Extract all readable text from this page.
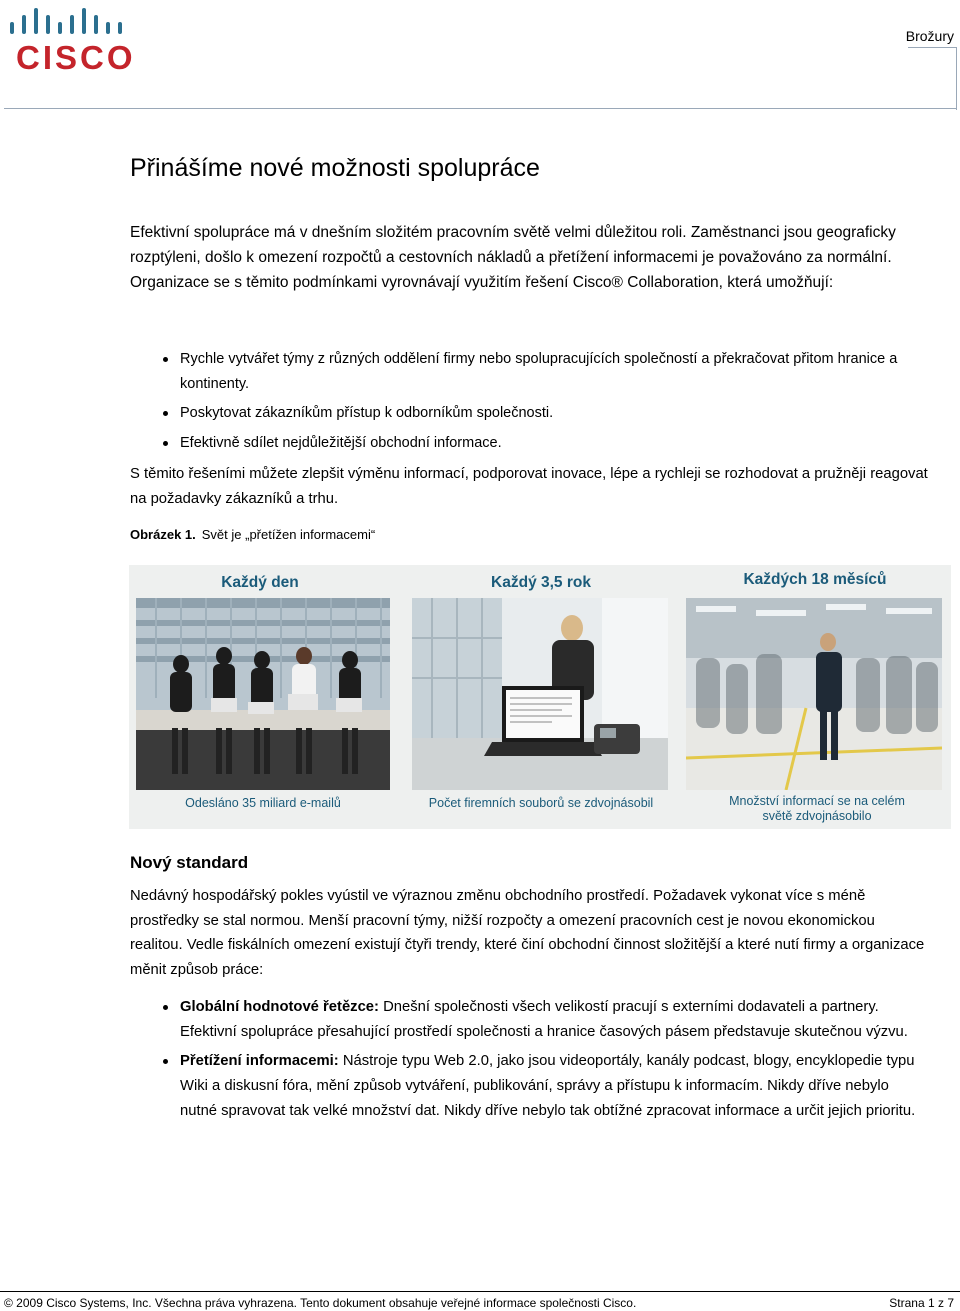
CISCO
Brožury
Přinášíme nové možnosti spolupráce

Efektivní spolupráce má v dnešním složitém pracovním světě velmi důležitou roli. Zaměstnanci jsou geograficky rozptýleni, došlo k omezení rozpočtů a cestovních nákladů a přetížení informacemi je považováno za normální. Organizace se s těmito podmínkami vyrovnávají využitím řešení Cisco® Collaboration, která umožňují:

Rychle vytvářet týmy z různých oddělení firmy nebo spolupracujících společností a překračovat přitom hranice a kontinenty.
Poskytovat zákazníkům přístup k odborníkům společnosti.
Efektivně sdílet nejdůležitější obchodní informace.

S těmito řešeními můžete zlepšit výměnu informací, podporovat inovace, lépe a rychleji se rozhodovat a pružněji reagovat na požadavky zákazníků a trhu.

Obrázek 1. Svět je „přetížen informacemi“
Každý den	Každý 3,5 rok	Každých 18 měsíců
Odesláno 35 miliard e-mailů	Počet firemních souborů se zdvojnásobil	Množství informací se na celém světě zdvojnásobilo
Nový standard

Nedávný hospodářský pokles vyústil ve výraznou změnu obchodního prostředí. Požadavek vykonat více s méně prostředky se stal normou. Menší pracovní týmy, nižší rozpočty a omezení pracovních cest je novou ekonomickou realitou. Vedle fiskálních omezení existují čtyři trendy, které činí obchodní činnost složitější a které nutí firmy a organizace měnit způsob práce:

Globální hodnotové řetězce: Dnešní společnosti všech velikostí pracují s externími dodavateli a partnery. Efektivní spolupráce přesahující prostředí společnosti a hranice časových pásem představuje skutečnou výzvu.
Přetížení informacemi: Nástroje typu Web 2.0, jako jsou videoportály, kanály podcast, blogy, encyklopedie typu Wiki a diskusní fóra, mění způsob vytváření, publikování, správy a přístupu k informacím. Nikdy dříve nebylo nutné spravovat tak velké množství dat. Nikdy dříve nebylo tak obtížné zpracovat informace a určit jejich prioritu.
© 2009 Cisco Systems, Inc. Všechna práva vyhrazena. Tento dokument obsahuje veřejné informace společnosti Cisco.	Strana 1 z 7
